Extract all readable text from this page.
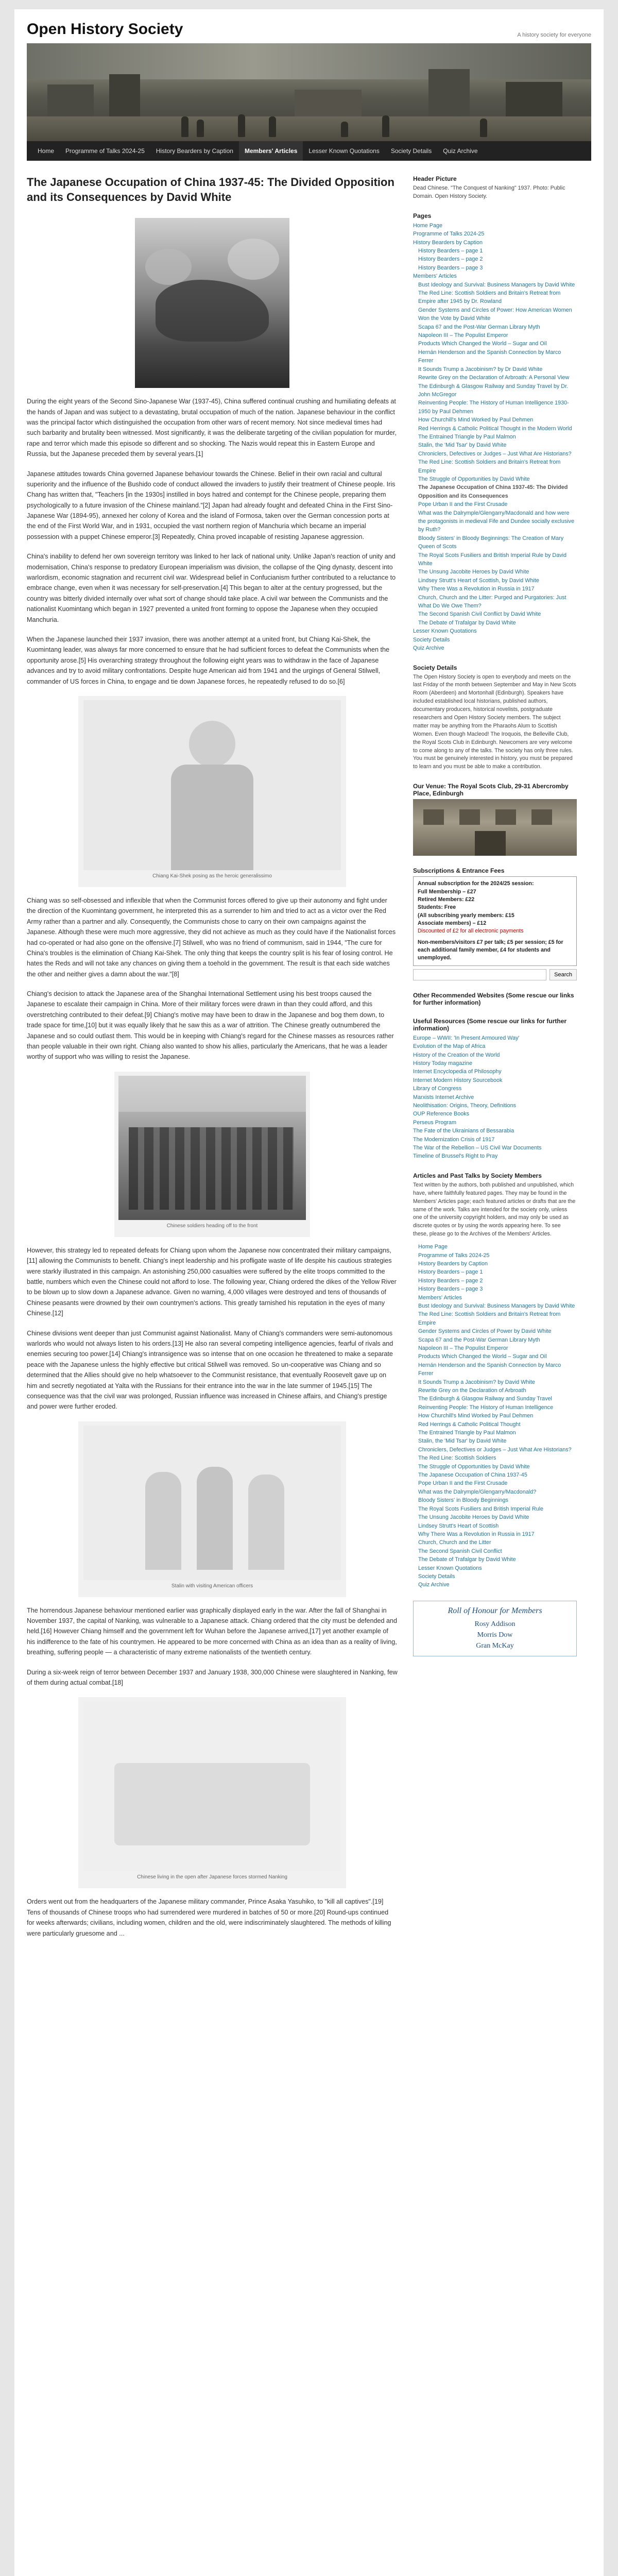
Open History Society	A history society for everyone
Home	Programme of Talks 2024-25	History Bearders by Caption	Members' Articles	Lesser Known Quotations	Society Details	Quiz Archive
The Japanese Occupation of China 1937-45: The Divided Opposition and its Consequences by David White

During the eight years of the Second Sino-Japanese War (1937-45), China suffered continual crushing and humiliating defeats at the hands of Japan and was subject to a devastating, brutal occupation of much of the nation. Japanese behaviour in the conflict was the principal factor which distinguished the occupation from other wars of recent memory. Not since medieval times had such barbarity and brutality been witnessed. Most significantly, it was the deliberate targeting of the civilian population for murder, rape and terror which made this episode so different and so shocking. The Nazis would repeat this in Eastern Europe and Russia, but the Japanese preceded them by several years.[1]

Japanese attitudes towards China governed Japanese behaviour towards the Chinese. Belief in their own racial and cultural superiority and the influence of the Bushido code of conduct allowed the invaders to justify their treatment of Chinese people. Iris Chang has written that, "Teachers [in the 1930s] instilled in boys hatred and contempt for the Chinese people, preparing them psychologically to a future invasion of the Chinese mainland."[2] Japan had already fought and defeated China in the First Sino-Japanese War (1894-95), annexed her colony of Korea and the island of Formosa, taken over the German concession ports at the end of the First World War, and in 1931, occupied the vast northern region of Manchuria which became an imperial possession with a puppet Chinese emperor.[3] Repeatedly, China proved incapable of resisting Japanese aggression.

China's inability to defend her own sovereign territory was linked to her lack of national unity. Unlike Japan's reaction of unity and modernisation, China's response to predatory European imperialism was division, the collapse of the Qing dynasty, descent into warlordism, economic stagnation and recurrent civil war. Widespread belief in Confucianism further contributed to a reluctance to embrace change, even when it was necessary for self-preservation.[4] This began to alter at the century progressed, but the country was bitterly divided internally over what sort of change should take place. A civil war between the Communists and the nationalist Kuomintang which began in 1927 prevented a united front forming to oppose the Japanese when they occupied Manchuria.

When the Japanese launched their 1937 invasion, there was another attempt at a united front, but Chiang Kai-Shek, the Kuomintang leader, was always far more concerned to ensure that he had sufficient forces to defeat the Communists when the opportunity arose.[5] His overarching strategy throughout the following eight years was to withdraw in the face of Japanese advances and try to avoid military confrontations. Despite huge American aid from 1941 and the urgings of General Stilwell, commander of US forces in China, to engage and tie down Japanese forces, he repeatedly refused to do so.[6]

Chiang Kai-Shek posing as the heroic generalissimo

Chiang was so self-obsessed and inflexible that when the Communist forces offered to give up their autonomy and fight under the direction of the Kuomintang government, he interpreted this as a surrender to him and tried to act as a victor over the Red Army rather than a partner and ally. Consequently, the Communists chose to carry on their own campaigns against the Japanese. Although these were much more aggressive, they did not achieve as much as they could have if the Nationalist forces had co-operated or had also gone on the offensive.[7] Stilwell, who was no friend of communism, said in 1944, "The cure for China's troubles is the elimination of Chiang Kai-Shek. The only thing that keeps the country split is his fear of losing control. He hates the Reds and will not take any chances on giving them a toehold in the government. The result is that each side watches the other and neither gives a damn about the war."[8]

Chiang's decision to attack the Japanese area of the Shanghai International Settlement using his best troops caused the Japanese to escalate their campaign in China. More of their military forces were drawn in than they could afford, and this overstretching contributed to their defeat.[9] Chiang's motive may have been to draw in the Japanese and bog them down, to trade space for time,[10] but it was equally likely that he saw this as a war of attrition. The Chinese greatly outnumbered the Japanese and so could outlast them. This would be in keeping with Chiang's regard for the Chinese masses as resources rather than people valuable in their own right. Chiang also wanted to show his allies, particularly the Americans, that he was a leader worthy of support who was willing to resist the Japanese.

Chinese soldiers heading off to the front

However, this strategy led to repeated defeats for Chiang upon whom the Japanese now concentrated their military campaigns,[11] allowing the Communists to benefit. Chiang's inept leadership and his profligate waste of life despite his cautious strategies were starkly illustrated in this campaign. An astonishing 250,000 casualties were suffered by the elite troops committed to the battle, numbers which even the Chinese could not afford to lose. The following year, Chiang ordered the dikes of the Yellow River to be blown up to slow down a Japanese advance. Given no warning, 4,000 villages were destroyed and tens of thousands of Chinese peasants were drowned by their own countrymen's actions. This greatly tarnished his reputation in the eyes of many Chinese.[12]

Chinese divisions went deeper than just Communist against Nationalist. Many of Chiang's commanders were semi-autonomous warlords who would not always listen to his orders.[13] He also ran several competing intelligence agencies, fearful of rivals and enemies securing too power.[14] Chiang's intransigence was so intense that on one occasion he threatened to make a separate peace with the Japanese unless the highly effective but critical Stilwell was removed. So un-cooperative was Chiang and so determined that the Allies should give no help whatsoever to the Communist resistance, that eventually Roosevelt gave up on him and secretly negotiated at Yalta with the Russians for their entrance into the war in the late summer of 1945.[15] The consequence was that the civil war was prolonged, Russian influence was increased in Chinese affairs, and Chiang's prestige and power were further eroded.

Stalin with visiting American officers

The horrendous Japanese behaviour mentioned earlier was graphically displayed early in the war. After the fall of Shanghai in November 1937, the capital of Nanking, was vulnerable to a Japanese attack. Chiang ordered that the city must be defended and held.[16] However Chiang himself and the government left for Wuhan before the Japanese arrived,[17] yet another example of his indifference to the fate of his countrymen. He appeared to be more concerned with China as an idea than as a reality of living, breathing, suffering people — a characteristic of many extreme nationalists of the twentieth century.

During a six-week reign of terror between December 1937 and January 1938, 300,000 Chinese were slaughtered in Nanking, few of them during actual combat.[18]

Chinese living in the open after Japanese forces stormed Nanking

Orders went out from the headquarters of the Japanese military commander, Prince Asaka Yasuhiko, to "kill all captives".[19] Tens of thousands of Chinese troops who had surrendered were murdered in batches of 50 or more.[20] Round-ups continued for weeks afterwards; civilians, including women, children and the old, were indiscriminately slaughtered. The methods of killing were particularly gruesome and ...

Header Picture
Dead Chinese. "The Conquest of Nanking" 1937. Photo: Public Domain. Open History Society.
Pages
Home Page
Programme of Talks 2024-25
History Bearders by Caption
History Bearders – page 1
History Bearders – page 2
History Bearders – page 3
Members' Articles
Bust Ideology and Survival: Business Managers by David White
The Red Line: Scottish Soldiers and Britain's Retreat from Empire after 1945 by Dr. Rowland
Gender Systems and Circles of Power: How American Women Won the Vote by David White
Scapa 67 and the Post-War German Library Myth
Napoleon III – The Populist Emperor
Products Which Changed the World – Sugar and Oil
Hernán Henderson and the Spanish Connection by Marco Ferrer
It Sounds Trump a Jacobinism? by Dr David White
Rewrite Grey on the Declaration of Arbroath: A Personal View
The Edinburgh & Glasgow Railway and Sunday Travel by Dr. John McGregor
Reinventing People: The History of Human Intelligence 1930-1950 by Paul Dehmen
How Churchill's Mind Worked by Paul Dehmen
Red Herrings & Catholic Political Thought in the Modern World
The Entrained Triangle by Paul Malmon
Stalin, the 'Mid Tsar' by David White
Chroniclers, Defectives or Judges – Just What Are Historians?
The Red Line: Scottish Soldiers and Britain's Retreat from Empire
The Struggle of Opportunities by David White
The Japanese Occupation of China 1937-45: The Divided Opposition and its Consequences
Pope Urban II and the First Crusade
What was the Dalrymple/Glengarry/Macdonald and how were the protagonists in medieval Fife and Dundee socially exclusive by Ruth?
Bloody Sisters' in Bloody Beginnings: The Creation of Mary Queen of Scots
The Royal Scots Fusiliers and British Imperial Rule by David White
The Unsung Jacobite Heroes by David White
Lindsey Strutt's Heart of Scottish, by David White
Why There Was a Revolution in Russia in 1917
Church, Church and the Litter: Purged and Purgatories: Just What Do We Owe Them?
The Second Spanish Civil Conflict by David White
The Debate of Trafalgar by David White
Lesser Known Quotations
Society Details
Quiz Archive
Society Details
The Open History Society is open to everybody and meets on the last Friday of the month between September and May in New Scots Room (Aberdeen) and Mortonhall (Edinburgh). Speakers have included established local historians, published authors, documentary producers, historical novelists, postgraduate researchers and Open History Society members. The subject matter may be anything from the Pharaohs Alum to Scottish Women. Even though Macleod! The Iroquois, the Belleville Club, the Royal Scots Club in Edinburgh. Newcomers are very welcome to come along to any of the talks. The society has only three rules. You must be genuinely interested in history, you must be prepared to learn and you must be able to make a contribution.
Our Venue: The Royal Scots Club, 29-31 Abercromby Place, Edinburgh
Subscriptions & Entrance Fees
Annual subscription for the 2024/25 session:
Full Membership – £27
Retired Members: £22
Students: Free
(All subscribing yearly members: £15
Associate members) – £12
Discounted of £2 for all electronic payments
Non-members/visitors £7 per talk; £5 per session; £5 for each additional family member, £4 for students and unemployed.
Search
Other Recommended Websites (Some rescue our links for further information)
Useful Resources (Some rescue our links for further information)
Europe – WWII: 'In Present Armoured Way'
Evolution of the Map of Africa
History of the Creation of the World
History Today magazine
Internet Encyclopedia of Philosophy
Internet Modern History Sourcebook
Library of Congress
Marxists Internet Archive
Neolithisation: Origins, Theory, Definitions
OUP Reference Books
Perseus Program
The Fate of the Ukrainians of Bessarabia
The Modernization Crisis of 1917
The War of the Rebellion – US Civil War Documents
Timeline of Brussel's Right to Pray
Articles and Past Talks by Society Members
Text written by the authors, both published and unpublished, which have, where faithfully featured pages. They may be found in the Members' Articles page; each featured articles or drafts that are the same of the work. Talks are intended for the society only, unless one of the university copyright holders, and may only be used as discrete quotes or by using the words appearing here. To see these, please go to the Archives of the Members' Articles.
Home Page
Programme of Talks 2024-25
History Bearders by Caption
History Bearders – page 1
History Bearders – page 2
History Bearders – page 3
Members' Articles
Bust Ideology and Survival: Business Managers by David White
The Red Line: Scottish Soldiers and Britain's Retreat from Empire
Gender Systems and Circles of Power by David White
Scapa 67 and the Post-War German Library Myth
Napoleon III – The Populist Emperor
Products Which Changed the World – Sugar and Oil
Hernán Henderson and the Spanish Connection by Marco Ferrer
It Sounds Trump a Jacobinism? by David White
Rewrite Grey on the Declaration of Arbroath
The Edinburgh & Glasgow Railway and Sunday Travel
Reinventing People: The History of Human Intelligence
How Churchill's Mind Worked by Paul Dehmen
Red Herrings & Catholic Political Thought
The Entrained Triangle by Paul Malmon
Stalin, the 'Mid Tsar' by David White
Chroniclers, Defectives or Judges – Just What Are Historians?
The Red Line: Scottish Soldiers
The Struggle of Opportunities by David White
The Japanese Occupation of China 1937-45
Pope Urban II and the First Crusade
What was the Dalrymple/Glengarry/Macdonald?
Bloody Sisters' in Bloody Beginnings
The Royal Scots Fusiliers and British Imperial Rule
The Unsung Jacobite Heroes by David White
Lindsey Strutt's Heart of Scottish
Why There Was a Revolution in Russia in 1917
Church, Church and the Litter
The Second Spanish Civil Conflict
The Debate of Trafalgar by David White
Lesser Known Quotations
Society Details
Quiz Archive
Roll of Honour for Members
Rosy Addison
Morris Dow
Gran McKay
